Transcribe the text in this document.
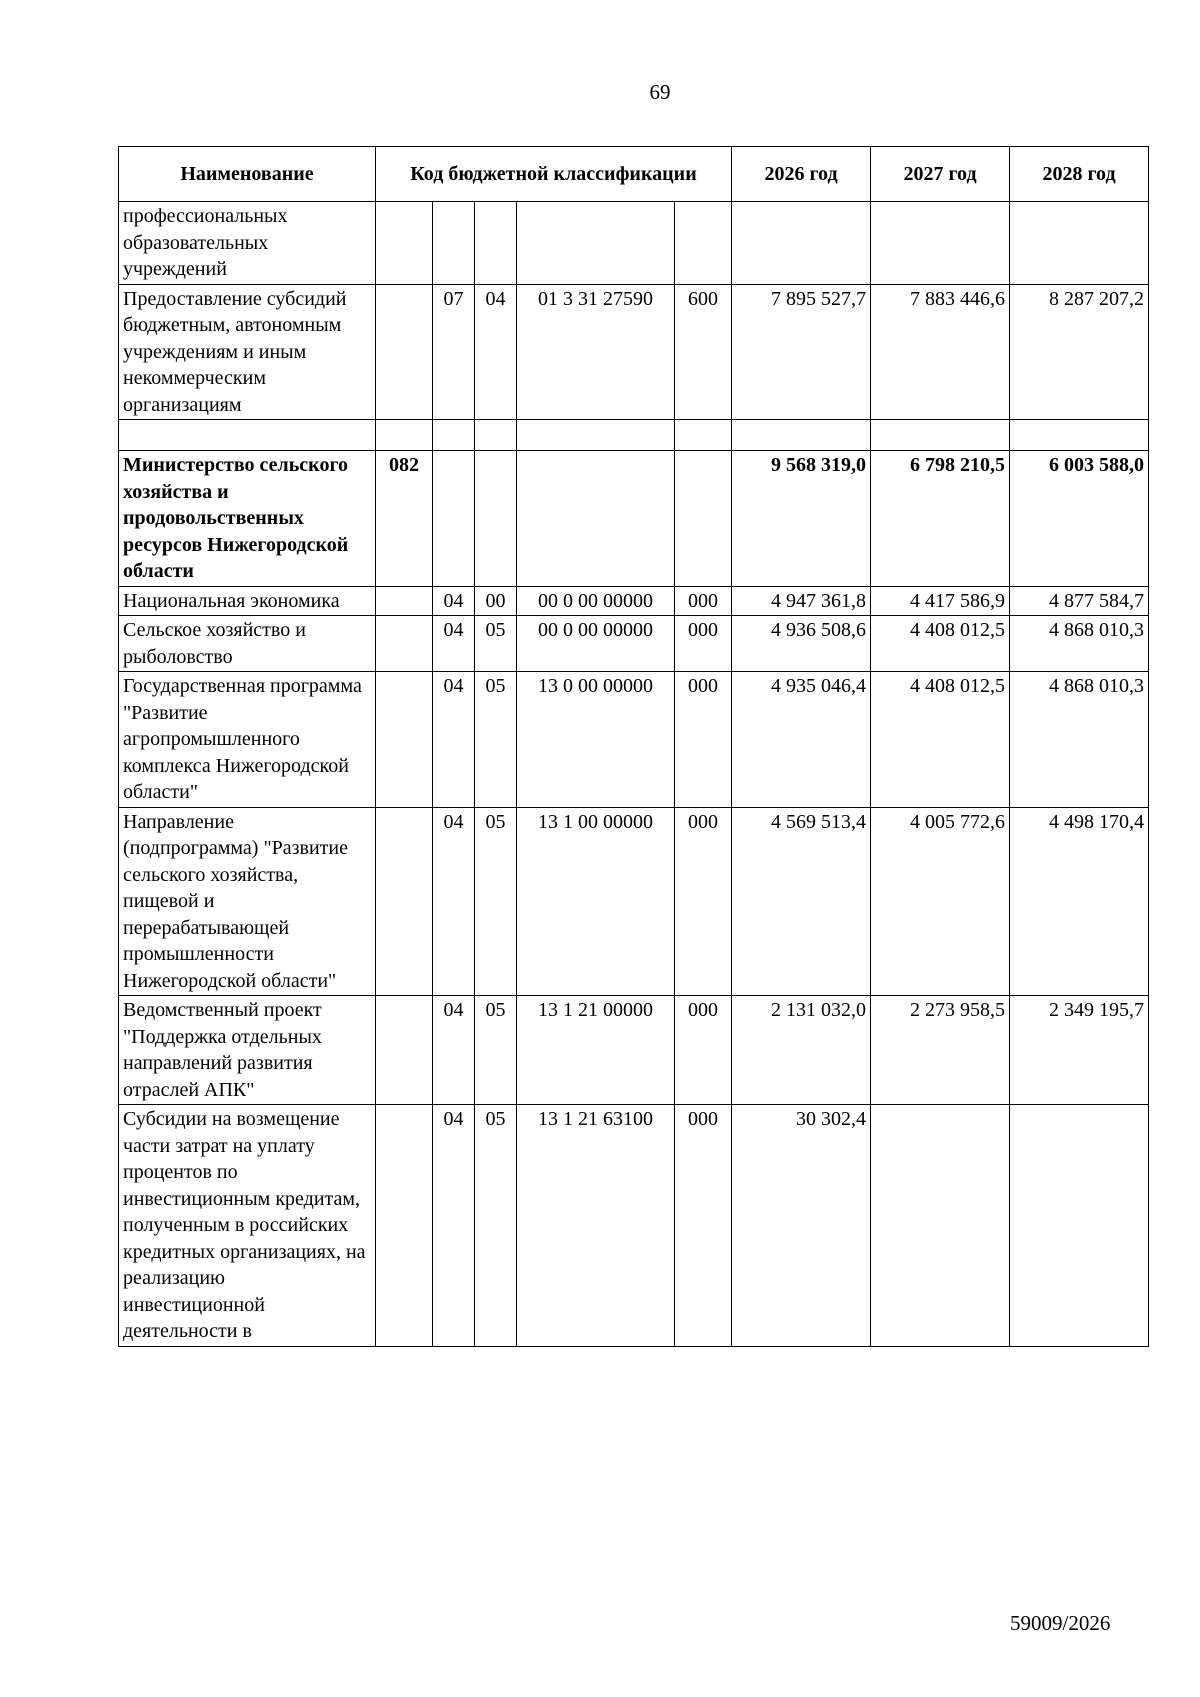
69
Наименование	Код бюджетной классификации					2026 год	2027 год	2028 год
профессиональных образовательных учреждений								
Предоставление субсидий бюджетным, автономным учреждениям и иным некоммерческим организациям		07	04	01 3 31 27590	600	7 895 527,7	7 883 446,6	8 287 207,2

Министерство сельского хозяйства и продовольственных ресурсов Нижегородской области	082					9 568 319,0	6 798 210,5	6 003 588,0
Национальная экономика		04	00	00 0 00 00000	000	4 947 361,8	4 417 586,9	4 877 584,7
Сельское хозяйство и рыболовство		04	05	00 0 00 00000	000	4 936 508,6	4 408 012,5	4 868 010,3
Государственная программа "Развитие агропромышленного комплекса Нижегородской области"		04	05	13 0 00 00000	000	4 935 046,4	4 408 012,5	4 868 010,3
Направление (подпрограмма) "Развитие сельского хозяйства, пищевой и перерабатывающей промышленности Нижегородской области"		04	05	13 1 00 00000	000	4 569 513,4	4 005 772,6	4 498 170,4
Ведомственный проект "Поддержка отдельных направлений развития отраслей АПК"		04	05	13 1 21 00000	000	2 131 032,0	2 273 958,5	2 349 195,7
Субсидии на возмещение части затрат на уплату процентов по инвестиционным кредитам, полученным в российских кредитных организациях, на реализацию инвестиционной деятельности в		04	05	13 1 21 63100	000	30 302,4		
59009/2026
